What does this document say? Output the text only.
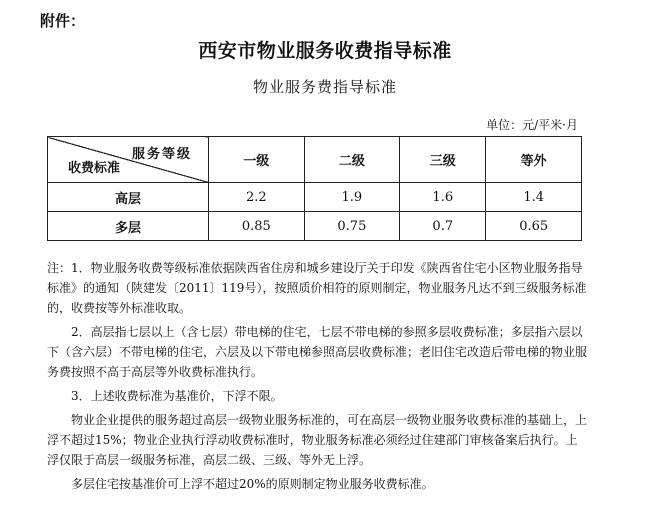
附件：
西安市物业服务收费指导标准
物业服务费指导标准
单位：元/平米·月
服务等级
收费标准	一级	二级	三级	等外
高层	2.2	1.9	1.6	1.4
多层	0.85	0.75	0.7	0.65

注：1．物业服务收费等级标准依据陕西省住房和城乡建设厅关于印发《陕西省住宅小区物业服务指导标准》的通知（陕建发〔2011〕119号），按照质价相符的原则制定，物业服务凡达不到三级服务标准的，收费按等外标准收取。

2．高层指七层以上（含七层）带电梯的住宅，七层不带电梯的参照多层收费标准；多层指六层以下（含六层）不带电梯的住宅，六层及以下带电梯参照高层收费标准；老旧住宅改造后带电梯的物业服务费按照不高于高层等外收费标准执行。

3．上述收费标准为基准价，下浮不限。

物业企业提供的服务超过高层一级物业服务标准的，可在高层一级物业服务收费标准的基础上，上浮不超过15%；物业企业执行浮动收费标准时，物业服务标准必须经过住建部门审核备案后执行。上浮仅限于高层一级服务标准，高层二级、三级、等外无上浮。

多层住宅按基准价可上浮不超过20%的原则制定物业服务收费标准。
